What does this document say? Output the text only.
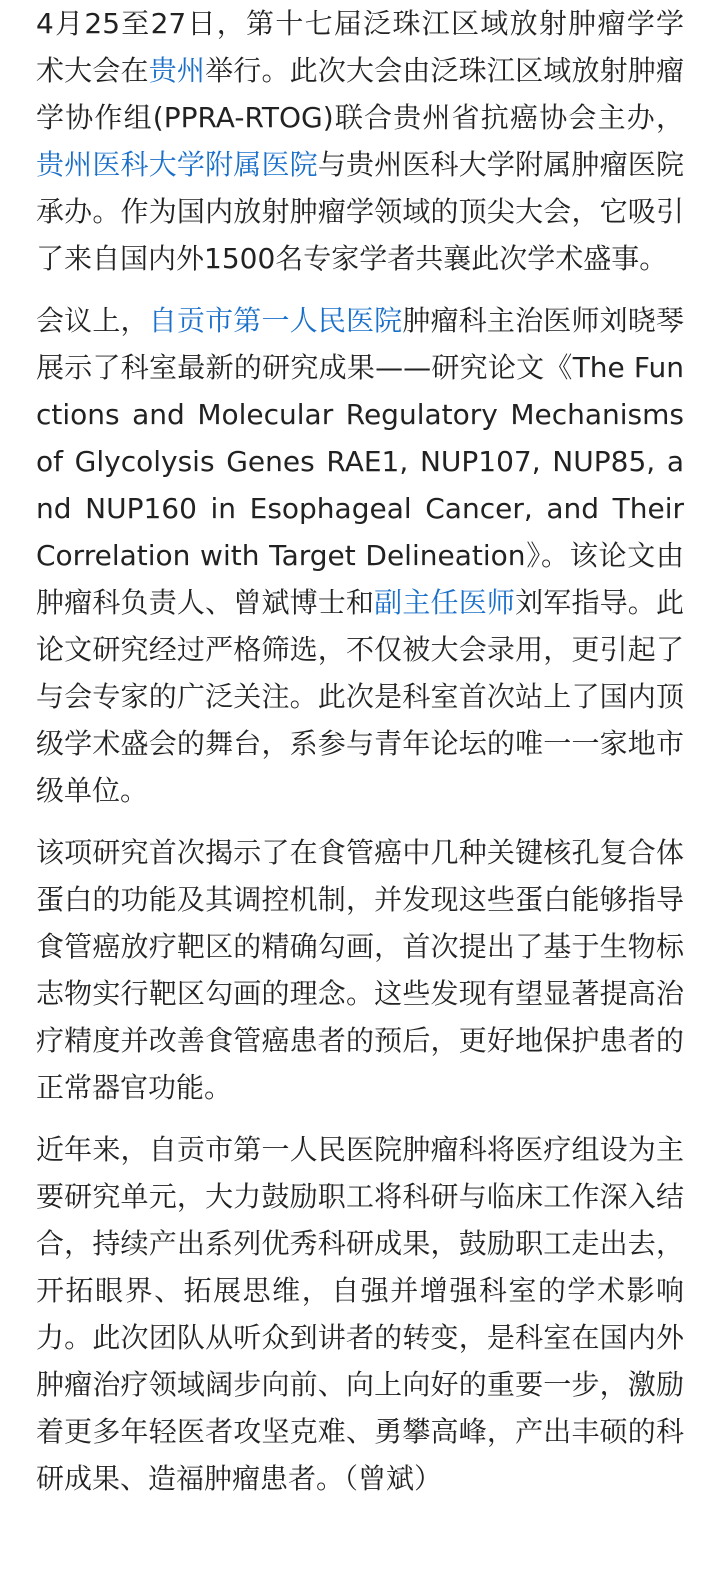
4月25至27日，第十七届泛珠江区域放射肿瘤学学术大会在贵州举行。此次大会由泛珠江区域放射肿瘤学协作组(PPRA-RTOG)联合贵州省抗癌协会主办，贵州医科大学附属医院与贵州医科大学附属肿瘤医院承办。作为国内放射肿瘤学领域的顶尖大会，它吸引了来自国内外1500名专家学者共襄此次学术盛事。

会议上，自贡市第一人民医院肿瘤科主治医师刘晓琴展示了科室最新的研究成果——研究论文《The Functions and Molecular Regulatory Mechanisms of Glycolysis Genes RAE1, NUP107, NUP85, and NUP160 in Esophageal Cancer, and Their Correlation with Target Delineation》。该论文由肿瘤科负责人、曾斌博士和副主任医师刘军指导。此论文研究经过严格筛选，不仅被大会录用，更引起了与会专家的广泛关注。此次是科室首次站上了国内顶级学术盛会的舞台，系参与青年论坛的唯一一家地市级单位。

该项研究首次揭示了在食管癌中几种关键核孔复合体蛋白的功能及其调控机制，并发现这些蛋白能够指导食管癌放疗靶区的精确勾画，首次提出了基于生物标志物实行靶区勾画的理念。这些发现有望显著提高治疗精度并改善食管癌患者的预后，更好地保护患者的正常器官功能。

近年来，自贡市第一人民医院肿瘤科将医疗组设为主要研究单元，大力鼓励职工将科研与临床工作深入结合，持续产出系列优秀科研成果，鼓励职工走出去，开拓眼界、拓展思维，自强并增强科室的学术影响力。此次团队从听众到讲者的转变，是科室在国内外肿瘤治疗领域阔步向前、向上向好的重要一步，激励着更多年轻医者攻坚克难、勇攀高峰，产出丰硕的科研成果、造福肿瘤患者。（曾斌）
